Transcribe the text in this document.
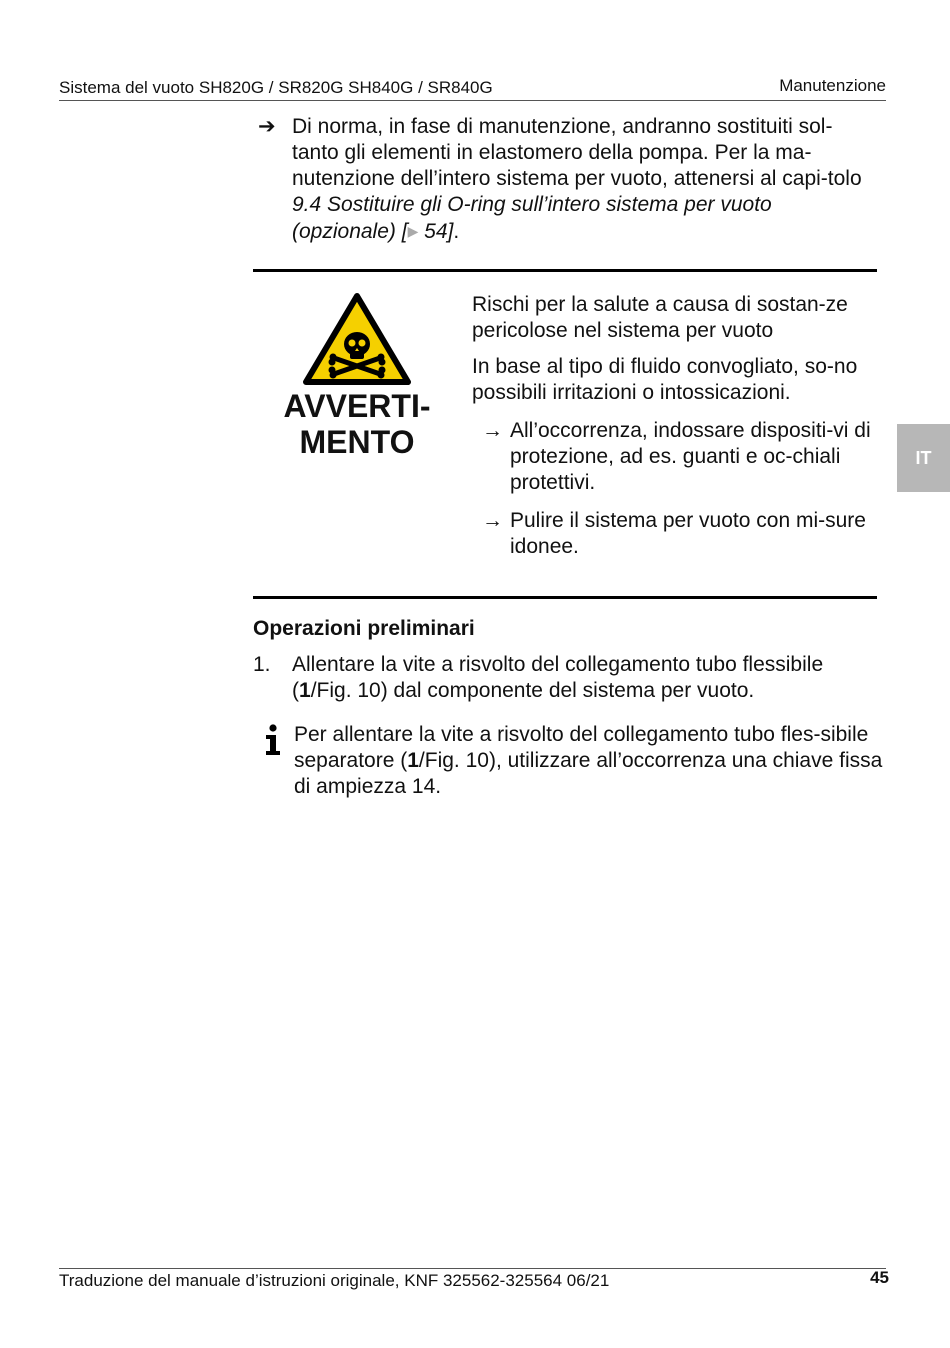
Sistema del vuoto SH820G / SR820G SH840G / SR840G	Manutenzione
IT
➔ Di norma, in fase di manutenzione, andranno sostituiti sol-tanto gli elementi in elastomero della pompa. Per la ma-nutenzione dell’intero sistema per vuoto, attenersi al capi-tolo 9.4 Sostituire gli O-ring sull’intero sistema per vuoto (opzionale) [▶ 54].
AVVERTI-
MENTO

Rischi per la salute a causa di sostan-ze pericolose nel sistema per vuoto

In base al tipo di fluido convogliato, so-no possibili irritazioni o intossicazioni.

→ All’occorrenza, indossare dispositi-vi di protezione, ad es. guanti e oc-chiali protettivi.
→ Pulire il sistema per vuoto con mi-sure idonee.
Operazioni preliminari
1. Allentare la vite a risvolto del collegamento tubo flessibile (1/Fig. 10) dal componente del sistema per vuoto.
Per allentare la vite a risvolto del collegamento tubo fles-sibile separatore (1/Fig. 10), utilizzare all’occorrenza una chiave fissa di ampiezza 14.
Traduzione del manuale d’istruzioni originale, KNF 325562-325564 06/21	45
